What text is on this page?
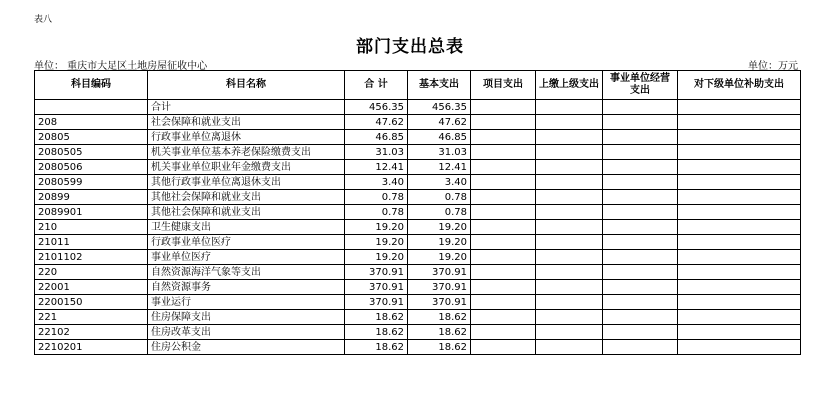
表八
部门支出总表
单位： 重庆市大足区土地房屋征收中心	单位：万元
科目编码	科目名称	合 计	基本支出	项目支出	上缴上级支出	事业单位经营支出	对下级单位补助支出
	合计	456.35	456.35				
208	社会保障和就业支出	47.62	47.62				
20805	行政事业单位离退休	46.85	46.85				
2080505	机关事业单位基本养老保险缴费支出	31.03	31.03				
2080506	机关事业单位职业年金缴费支出	12.41	12.41				
2080599	其他行政事业单位离退休支出	3.40	3.40				
20899	其他社会保障和就业支出	0.78	0.78				
2089901	其他社会保障和就业支出	0.78	0.78				
210	卫生健康支出	19.20	19.20				
21011	行政事业单位医疗	19.20	19.20				
2101102	事业单位医疗	19.20	19.20				
220	自然资源海洋气象等支出	370.91	370.91				
22001	自然资源事务	370.91	370.91				
2200150	事业运行	370.91	370.91				
221	住房保障支出	18.62	18.62				
22102	住房改革支出	18.62	18.62				
2210201	住房公积金	18.62	18.62				
